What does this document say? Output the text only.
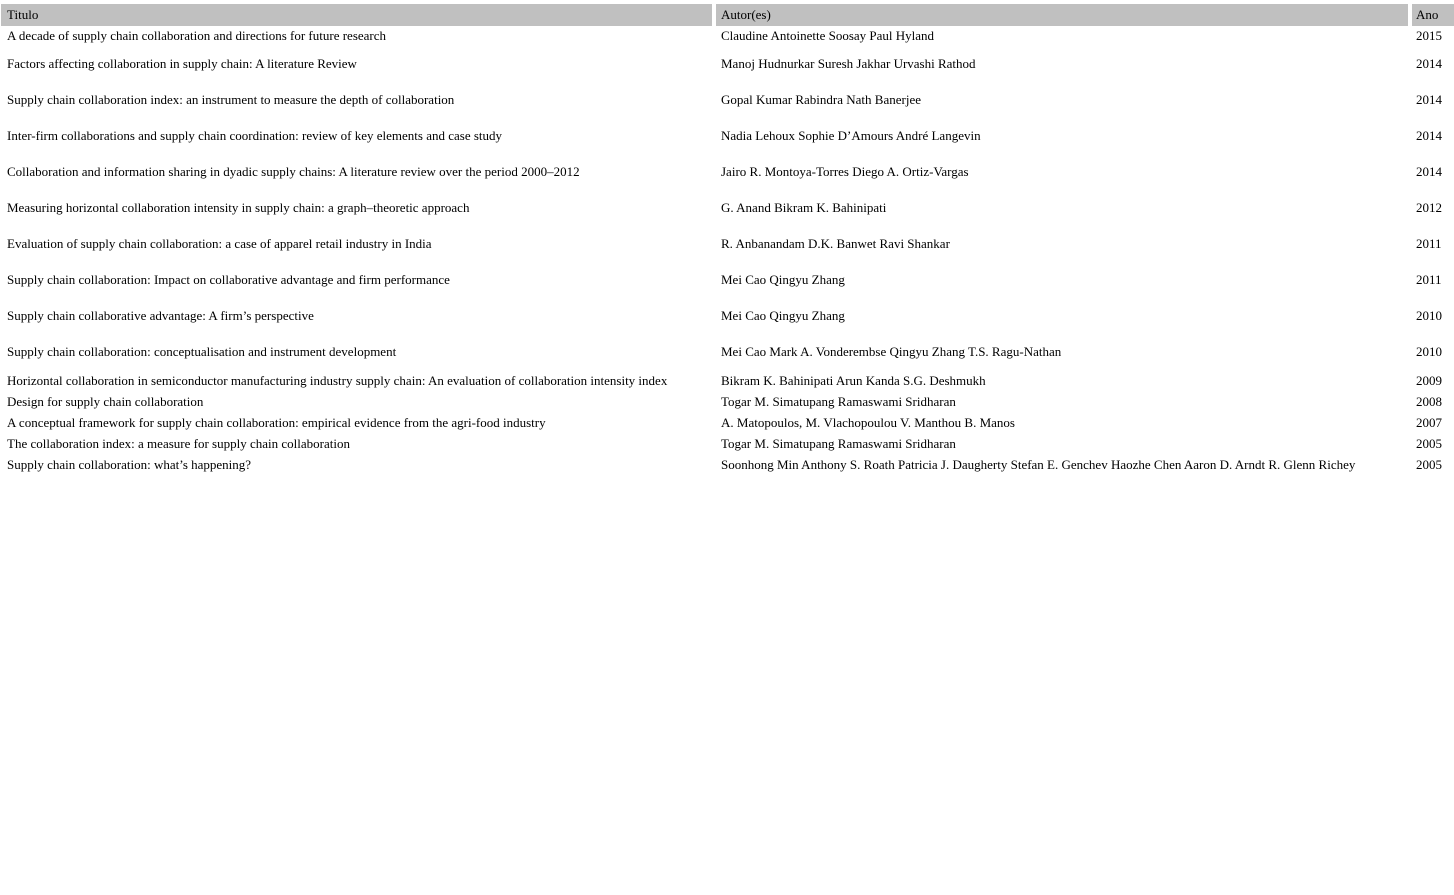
Titulo	Autor(es)	Ano
A decade of supply chain collaboration and directions for future research	Claudine Antoinette Soosay Paul Hyland	2015
Factors affecting collaboration in supply chain: A literature Review	Manoj Hudnurkar Suresh Jakhar Urvashi Rathod	2014
Supply chain collaboration index: an instrument to measure the depth of collaboration	Gopal Kumar Rabindra Nath Banerjee	2014
Inter-firm collaborations and supply chain coordination: review of key elements and case study	Nadia Lehoux Sophie D’Amours André Langevin	2014
Collaboration and information sharing in dyadic supply chains: A literature review over the period 2000–2012	Jairo R. Montoya-Torres Diego A. Ortiz-Vargas	2014
Measuring horizontal collaboration intensity in supply chain: a graph–theoretic approach	G. Anand Bikram K. Bahinipati	2012
Evaluation of supply chain collaboration: a case of apparel retail industry in India	R. Anbanandam D.K. Banwet Ravi Shankar	2011
Supply chain collaboration: Impact on collaborative advantage and firm performance	Mei Cao Qingyu Zhang	2011
Supply chain collaborative advantage: A firm’s perspective	Mei Cao Qingyu Zhang	2010
Supply chain collaboration: conceptualisation and instrument development	Mei Cao Mark A. Vonderembse Qingyu Zhang T.S. Ragu-Nathan	2010
Horizontal collaboration in semiconductor manufacturing industry supply chain: An evaluation of collaboration intensity index	Bikram K. Bahinipati Arun Kanda S.G. Deshmukh	2009
Design for supply chain collaboration	Togar M. Simatupang Ramaswami Sridharan	2008
A conceptual framework for supply chain collaboration: empirical evidence from the agri-food industry	A. Matopoulos, M. Vlachopoulou V. Manthou B. Manos	2007
The collaboration index: a measure for supply chain collaboration	Togar M. Simatupang Ramaswami Sridharan	2005
Supply chain collaboration: what’s happening?	Soonhong Min Anthony S. Roath Patricia J. Daugherty Stefan E. Genchev Haozhe Chen Aaron D. Arndt R. Glenn Richey	2005
